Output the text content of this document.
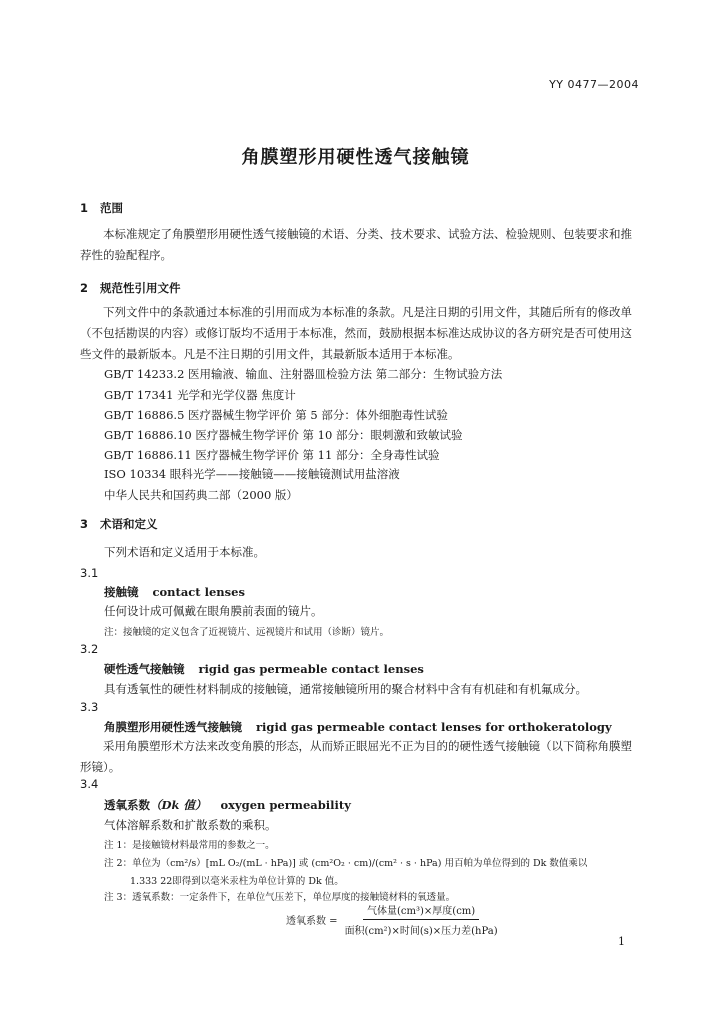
YY 0477—2004
角膜塑形用硬性透气接触镜
1 范围
本标准规定了角膜塑形用硬性透气接触镜的术语、分类、技术要求、试验方法、检验规则、包装要求和推荐性的验配程序。
2 规范性引用文件
下列文件中的条款通过本标准的引用而成为本标准的条款。凡是注日期的引用文件，其随后所有的修改单（不包括勘误的内容）或修订版均不适用于本标准，然而，鼓励根据本标准达成协议的各方研究是否可使用这些文件的最新版本。凡是不注日期的引用文件，其最新版本适用于本标准。
GB/T 14233.2 医用输液、输血、注射器皿检验方法 第二部分：生物试验方法
GB/T 17341 光学和光学仪器 焦度计
GB/T 16886.5 医疗器械生物学评价 第 5 部分：体外细胞毒性试验
GB/T 16886.10 医疗器械生物学评价 第 10 部分：眼刺激和致敏试验
GB/T 16886.11 医疗器械生物学评价 第 11 部分：全身毒性试验
ISO 10334 眼科光学——接触镜——接触镜测试用盐溶液
中华人民共和国药典二部（2000 版）
3 术语和定义
下列术语和定义适用于本标准。
3.1
接触镜 contact lenses
任何设计成可佩戴在眼角膜前表面的镜片。
注：接触镜的定义包含了近视镜片、远视镜片和试用（诊断）镜片。
3.2
硬性透气接触镜 rigid gas permeable contact lenses
具有透氧性的硬性材料制成的接触镜，通常接触镜所用的聚合材料中含有有机硅和有机氟成分。
3.3
角膜塑形用硬性透气接触镜 rigid gas permeable contact lenses for orthokeratology
采用角膜塑形术方法来改变角膜的形态，从而矫正眼屈光不正为目的的硬性透气接触镜（以下简称角膜塑形镜）。
3.4
透氧系数（Dk 值） oxygen permeability
气体溶解系数和扩散系数的乘积。
注 1：是接触镜材料最常用的参数之一。
注 2：单位为（cm²/s）[mL O₂/(mL · hPa)] 或 (cm²O₂ · cm)/(cm² · s · hPa) 用百帕为单位得到的 Dk 数值乘以
1.333 22即得到以毫米汞柱为单位计算的 Dk 值。
注 3：透氧系数：一定条件下，在单位气压差下，单位厚度的接触镜材料的氧透量。
透氧系数 = $\frac{\text{气体量(cm³)×厚度(cm)}}{\text{面积(cm²)×时间(s)×压力差(hPa)}}$
1
